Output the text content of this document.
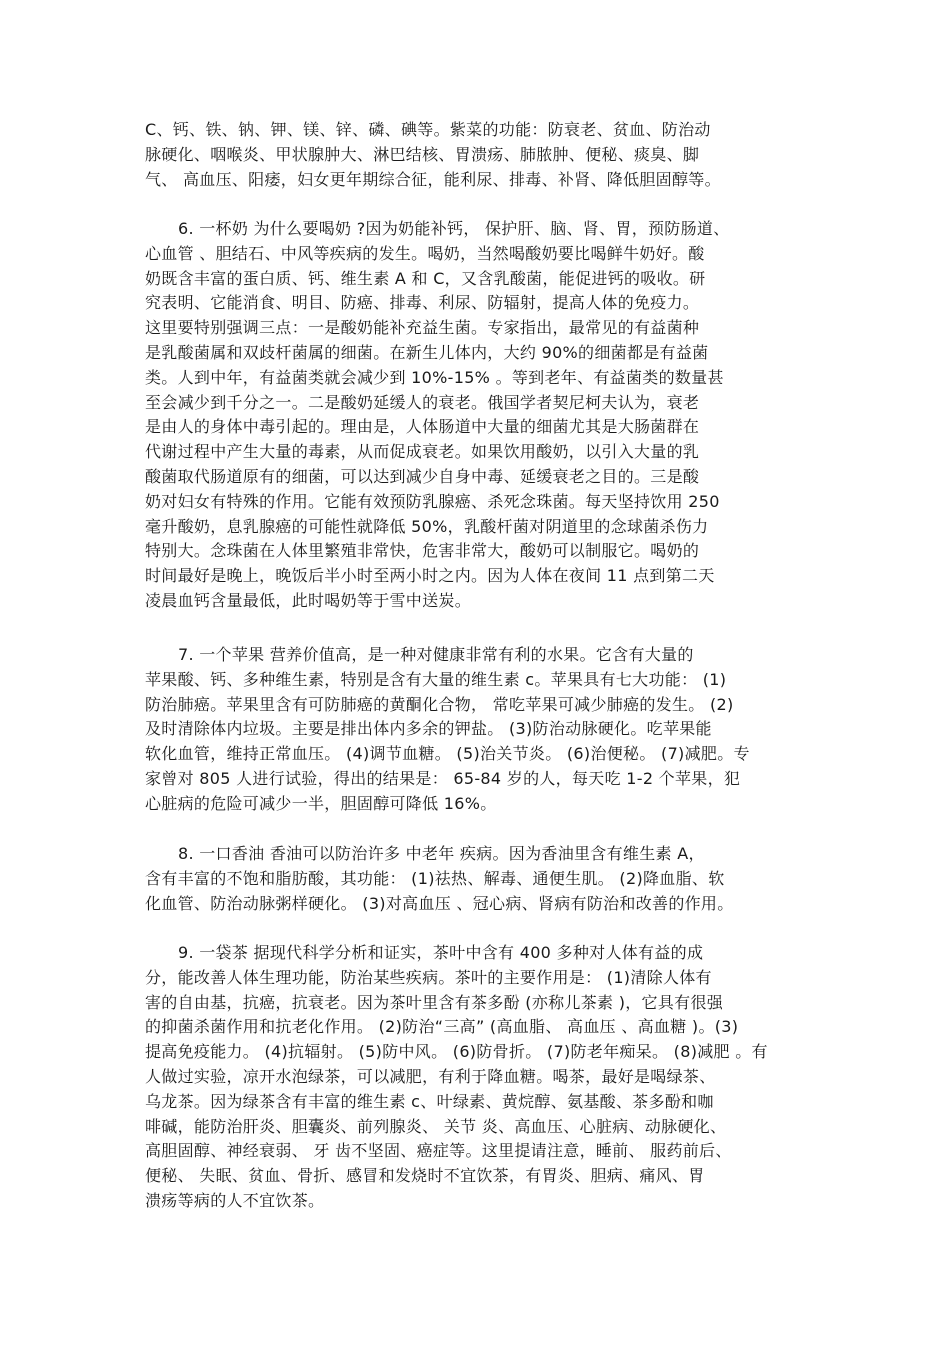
C、钙、铁、钠、钾、镁、锌、磷、碘等。紫菜的功能：防衰老、贫血、防治动
脉硬化、咽喉炎、甲状腺肿大、淋巴结核、胃溃疡、肺脓肿、便秘、痰臭、脚
气、 高血压、阳痿，妇女更年期综合征，能利尿、排毒、补肾、降低胆固醇等。
6. 一杯奶 为什么要喝奶 ?因为奶能补钙， 保护肝、脑、肾、胃，预防肠道、
心血管 、胆结石、中风等疾病的发生。喝奶，当然喝酸奶要比喝鲜牛奶好。酸
奶既含丰富的蛋白质、钙、维生素 A 和 C，又含乳酸菌，能促进钙的吸收。研
究表明、它能消食、明目、防癌、排毒、利尿、防辐射，提高人体的免疫力。
这里要特别强调三点：一是酸奶能补充益生菌。专家指出，最常见的有益菌种
是乳酸菌属和双歧杆菌属的细菌。在新生儿体内，大约 90%的细菌都是有益菌
类。人到中年，有益菌类就会减少到 10%-15% 。等到老年、有益菌类的数量甚
至会减少到千分之一。二是酸奶延缓人的衰老。俄国学者契尼柯夫认为，衰老
是由人的身体中毒引起的。理由是，人体肠道中大量的细菌尤其是大肠菌群在
代谢过程中产生大量的毒素，从而促成衰老。如果饮用酸奶，以引入大量的乳
酸菌取代肠道原有的细菌，可以达到减少自身中毒、延缓衰老之目的。三是酸
奶对妇女有特殊的作用。它能有效预防乳腺癌、杀死念珠菌。每天坚持饮用 250
毫升酸奶，息乳腺癌的可能性就降低 50%，乳酸杆菌对阴道里的念球菌杀伤力
特别大。念珠菌在人体里繁殖非常快，危害非常大，酸奶可以制服它。喝奶的
时间最好是晚上，晚饭后半小时至两小时之内。因为人体在夜间 11 点到第二天
凌晨血钙含量最低，此时喝奶等于雪中送炭。
7. 一个苹果 营养价值高，是一种对健康非常有利的水果。它含有大量的
苹果酸、钙、多种维生素，特别是含有大量的维生素 c。苹果具有七大功能： (1)
防治肺癌。苹果里含有可防肺癌的黄酮化合物， 常吃苹果可减少肺癌的发生。 (2)
及时清除体内垃圾。主要是排出体内多余的钾盐。 (3)防治动脉硬化。吃苹果能
软化血管，维持正常血压。 (4)调节血糖。 (5)治关节炎。 (6)治便秘。 (7)减肥。专
家曾对 805 人进行试验，得出的结果是： 65-84 岁的人，每天吃 1-2 个苹果，犯
心脏病的危险可减少一半，胆固醇可降低 16%。
8. 一口香油 香油可以防治许多 中老年 疾病。因为香油里含有维生素 A，
含有丰富的不饱和脂肪酸，其功能： (1)祛热、解毒、通便生肌。 (2)降血脂、软
化血管、防治动脉粥样硬化。 (3)对高血压 、冠心病、肾病有防治和改善的作用。
9. 一袋茶 据现代科学分析和证实，茶叶中含有 400 多种对人体有益的成
分，能改善人体生理功能，防治某些疾病。茶叶的主要作用是： (1)清除人体有
害的自由基，抗癌，抗衰老。因为茶叶里含有茶多酚 (亦称儿茶素 )，它具有很强
的抑菌杀菌作用和抗老化作用。 (2)防治“三高” (高血脂、 高血压 、高血糖 )。(3)
提高免疫能力。 (4)抗辐射。 (5)防中风。 (6)防骨折。 (7)防老年痴呆。 (8)减肥 。有
人做过实验，凉开水泡绿茶，可以减肥，有利于降血糖。喝茶，最好是喝绿茶、
乌龙茶。因为绿茶含有丰富的维生素 c、叶绿素、黄烷醇、氨基酸、茶多酚和咖
啡碱，能防治肝炎、胆囊炎、前列腺炎、 关节 炎、高血压、心脏病、动脉硬化、
高胆固醇、神经衰弱、 牙 齿不坚固、癌症等。这里提请注意，睡前、 服药前后、
便秘、 失眠、贫血、骨折、感冒和发烧时不宜饮茶，有胃炎、胆病、痛风、胃
溃疡等病的人不宜饮茶。
